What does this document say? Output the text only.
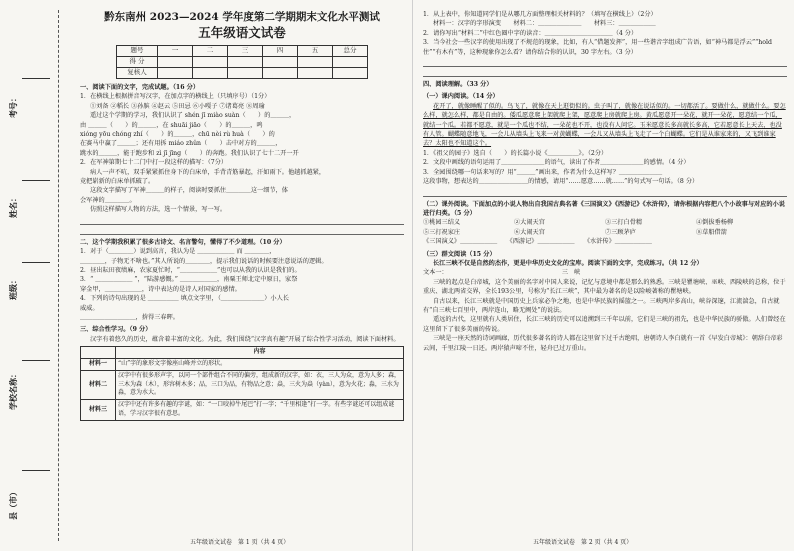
考号：
姓名：
班级：
学校名称：
县（市）
黔东南州 2023—2024 学年度第二学期期末文化水平测试
五年级语文试卷
题号	一	二	三	四	五	总分
得 分						
复核人						
一、阅读下面的文字，完成试题。（16 分）

1．在横线上根据拼音写汉字，在加点字的横线上（只填序号）（1分）

①刘备 ②稻长 ③孙膑 ④赵云 ⑤田忌 ⑥小嘎子 ⑦诸葛亮 ⑧周瑜

遥过这个学期的学习，我们认识了 shén jī miào suàn（　　）的＿＿＿，

由 ＿＿＿（　　）的＿＿＿，在 shuāi jiāo（　　）的＿＿＿，鸣

xióng yōu chóng zhí（　　）的＿＿＿，chū nèi rù huà（　　）的

在赛马中赢了＿＿＿；还有用拆 miáo zhǔn（　　）击中对方的＿＿＿，

跳水的＿＿＿，能于跑步和 zì jī jīng（　　）的奔跑。我们认识了七十二开一开

2．在军神第期七十二门中打一段这样的描写：（7分）

病人一声不吭，双手紧紧抓住身下的白床单，手背青筋暴起，汗如雨下。他越抓越紧，

竟把崭新的白床单抓破了。

这段文字描写了军神＿＿＿的样子，阅读时要抓住＿＿＿＿这一细节，体

会军神的＿＿＿＿。

仿照这样描写人物的方法，选一个情景，写一写。

二、这个学期我积累了很多古诗文、名言警句，懂得了不少道理。（10 分）

1．对于（＿＿＿＿）说到高言，我认为是 ＿＿＿＿＿＿ 而 ＿＿＿＿，

＿＿＿＿，子物无不啥也。”其人所说的＿＿＿＿，提示我们说话的时候要注意说话的逻辑。

2．昼出耘田夜绩麻，农家夏忙时，“＿＿＿＿＿＿”也可以从我的认识是我们的。

3．“ ＿＿＿＿＿＿ ”，“陆游感慨。” ＿＿＿＿＿＿，南粟王师北定中原日，家祭

穿金甲，＿＿＿＿＿＿，诗中表达的是诗人对国家的感情。

4．下列的诗句出现的是 ＿＿＿＿＿ 填点文字里，（＿＿＿＿＿＿＿）小人长

威威。

＿＿＿＿＿＿＿＿＿，拚得三春晖。

三、综合性学习。（9 分）

汉字有着悠久的历史，蕴含着丰富的文化。为此，我们围绕“汉字真有趣”开展了综合性学习活动，阅读下面材料。

	内容
材料一	“山”字的象形文字像座山峰并立的形状。
材料二	汉字中有很多形声字，以同一个部件组合不同的偏旁，组成新的汉字，如：衣，三人为众，意为人多；森，三木为森（木），形容树木多；品，三口为品，有物品之意；焱，三火为焱（yàn），意为火花；淼，三水为淼，意为水大。
材料三	汉字中还有许多有趣的字谜，如：“一口咬掉牛尾巴”打一字；“千里相逢”打一字。有些字谜还可以组成谜语，学习汉字很有意思。
五年级语文试卷　第 1 页（共 4 页）

1．从上表中，你知道同学们是从哪几方面整理相关材料的？（填写在横线上）（2分）

材料一：汉字的字形演变　　材料二：＿＿＿＿＿＿＿　　材料三：＿＿＿＿＿＿

2．请你写出“材料二”中红色圈中字的读音：＿＿＿＿＿＿＿＿＿＿＿（4 分）

3．当今社会一些汉字的使用出现了不规范的现象，比如，有人“借题发挥”，用一些谐音字组成广告语，如“神马都是浮云”“hold 住”“有木有”等，这种现象你怎么看？请你结合你的认识，30 字左右。（3 分）

四、阅读理解。（33 分）
（一）课内阅读。（14 分）

花开了，就像睡醒了似的。鸟飞了，就像在天上逛街似的。虫子叫了，就像在说话似的。一切都活了。要做什么，就做什么。要怎么样，就怎么样，都是自由的。倭瓜愿意爬上架就爬上架，愿意爬上房就爬上房。黄瓜愿意开一朵花，就开一朵花，愿意结一个瓜，就结一个瓜。若都不愿意，就是一个瓜也不结，一朵花也不开，也没有人问它。玉米愿意长多高就长多高，它若愿意长上天去，也没有人管。蝴蝶随意地飞，一会儿从墙头上飞来一对黄蝴蝶，一会儿又从墙头上飞走了一个白蝴蝶。它们是从谁家来的，又飞到谁家去？太阳也不知道这个。

1．《祖父的园子》选自（　　）的长篇小说《＿＿＿＿＿》。（2分）

2．文段中画线的语句运用了＿＿＿＿＿＿＿的语气，读出了作者＿＿＿＿＿＿＿的感情。（4 分）

3．全园围绕哪一句话来写的？用“＿＿＿”画出来，作者为什么这样写？＿＿＿＿＿＿＿

这段事物，想表达的＿＿＿＿＿＿＿＿的情感，请用“……愿意……就……”的句式写一句话。（8 分）

（二）课外阅读。下面加点的小说人物出自我国古典名著《三国演义》《西游记》《水浒传》，请你根据内容把八个小故事与对应的小说进行归类。（5 分）
①桃园三结义	②大闹天宫	③三打白骨精	④倒拔垂杨柳
⑤三打祝家庄	⑥大闹天宫	⑦三顾茅庐	⑧草船借箭

《三国演义》＿＿＿＿＿＿　　《西游记》＿＿＿＿＿＿　　《水浒传》＿＿＿＿＿＿

（三）群文阅读（15 分）

长江三峡不仅是自然的杰作，更是中华历史文化的宝库。阅读下面的文字，完成练习。（共 12 分）

文本一：	三　峡

三峡的起点是白帝城，这个美丽的名字对中国人来说，记忆与意境中都是那么的熟悉。三峡是瞿塘峡、巫峡、西陵峡的总称，位于重庆、湖北两省交界，全长193公里，号称为“长江三峡”，其中最为著名的是以险峻著称的瞿塘峡。

自古以来，长江三峡就是中国历史上兵家必争之地，也是中华民族的摇篮之一。三峡两岸多高山，峡谷深邃，江流湍急，自古就有“自三峡七百里中，两岸连山，略无阙处”的说法。

遥远的古代，这里就有人类居住，长江三峡的历史可以追溯到三千年以前，它们是三峡的祖先，也是中华民族的骄傲。人们曾经在这里留下了很多美丽的传说。

三峡是一座天然的诗词画廊，历代很多著名的诗人都在这里留下过千古绝唱，唐朝诗人李白就有一首《早发白帝城》：朝辞白帝彩云间，千里江陵一日还。两岸猿声啼不住，轻舟已过万重山。

五年级语文试卷　第 2 页（共 4 页）
